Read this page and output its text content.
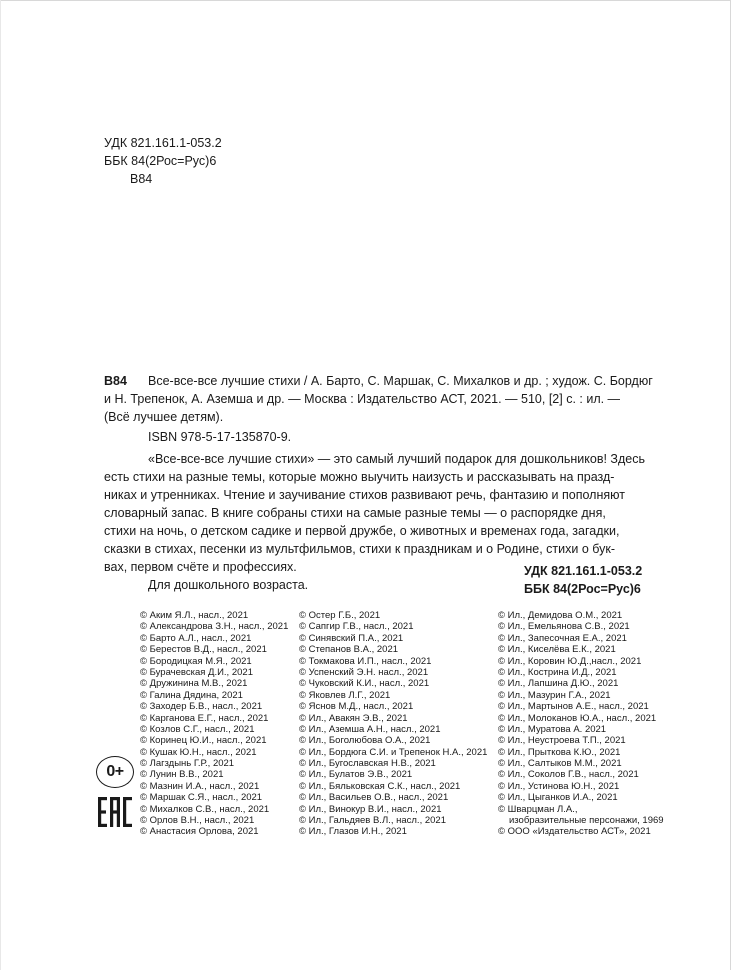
УДК 821.161.1-053.2
ББК 84(2Рос=Рус)6
В84
В84 Все-все-все лучшие стихи / А. Барто, С. Маршак, С. Михалков и др. ; худож. С. Бордюг
и Н. Трепенок, А. Аземша и др. — Москва : Издательство АСТ, 2021. — 510, [2] с. : ил. —
(Всё лучшее детям).
ISBN 978-5-17-135870-9.
«Все-все-все лучшие стихи» — это самый лучший подарок для дошкольников! Здесь
есть стихи на разные темы, которые можно выучить наизусть и рассказывать на празд-
никах и утренниках. Чтение и заучивание стихов развивают речь, фантазию и пополняют
словарный запас. В книге собраны стихи на самые разные темы — о распорядке дня,
стихи на ночь, о детском садике и первой дружбе, о животных и временах года, загадки,
сказки в стихах, песенки из мультфильмов, стихи к праздникам и о Родине, стихи о бук-
вах, первом счёте и профессиях.
Для дошкольного возраста.
УДК 821.161.1-053.2
ББК 84(2Рос=Рус)6
© Аким Я.Л., насл., 2021
© Александрова З.Н., насл., 2021
© Барто А.Л., насл., 2021
© Берестов В.Д., насл., 2021
© Бородицкая М.Я., 2021
© Бурачевская Д.И., 2021
© Дружинина М.В., 2021
© Галина Дядина, 2021
© Заходер Б.В., насл., 2021
© Карганова Е.Г., насл., 2021
© Козлов С.Г., насл., 2021
© Коринец Ю.И., насл., 2021
© Кушак Ю.Н., насл., 2021
© Лагздынь Г.Р., 2021
© Лунин В.В., 2021
© Мазнин И.А., насл., 2021
© Маршак С.Я., насл., 2021
© Михалков С.В., насл., 2021
© Орлов В.Н., насл., 2021
© Анастасия Орлова, 2021
© Остер Г.Б., 2021
© Сапгир Г.В., насл., 2021
© Синявский П.А., 2021
© Степанов В.А., 2021
© Токмакова И.П., насл., 2021
© Успенский Э.Н. насл., 2021
© Чуковский К.И., насл., 2021
© Яковлев Л.Г., 2021
© Яснов М.Д., насл., 2021
© Ил., Авакян Э.В., 2021
© Ил., Аземша А.Н., насл., 2021
© Ил., Боголюбова О.А., 2021
© Ил., Бордюга С.И. и Трепенок Н.А., 2021
© Ил., Бугославская Н.В., 2021
© Ил., Булатов Э.В., 2021
© Ил., Бяльковская С.К., насл., 2021
© Ил., Васильев О.В., насл., 2021
© Ил., Винокур В.И., насл., 2021
© Ил., Гальдяев В.Л., насл., 2021
© Ил., Глазов И.Н., 2021
© Ил., Демидова О.М., 2021
© Ил., Емельянова С.В., 2021
© Ил., Запесочная Е.А., 2021
© Ил., Киселёва Е.К., 2021
© Ил., Коровин Ю.Д.,насл., 2021
© Ил., Кострина И.Д., 2021
© Ил., Лапшина Д.Ю., 2021
© Ил., Мазурин Г.А., 2021
© Ил., Мартынов А.Е., насл., 2021
© Ил., Молоканов Ю.А., насл., 2021
© Ил., Муратова А. 2021
© Ил., Неустроева Т.П., 2021
© Ил., Прыткова К.Ю., 2021
© Ил., Салтыков М.М., 2021
© Ил., Соколов Г.В., насл., 2021
© Ил., Устинова Ю.Н., 2021
© Ил., Цыганков И.А., 2021
© Шварцман Л.А.,
изобразительные персонажи, 1969
© ООО «Издательство АСТ», 2021
0+
